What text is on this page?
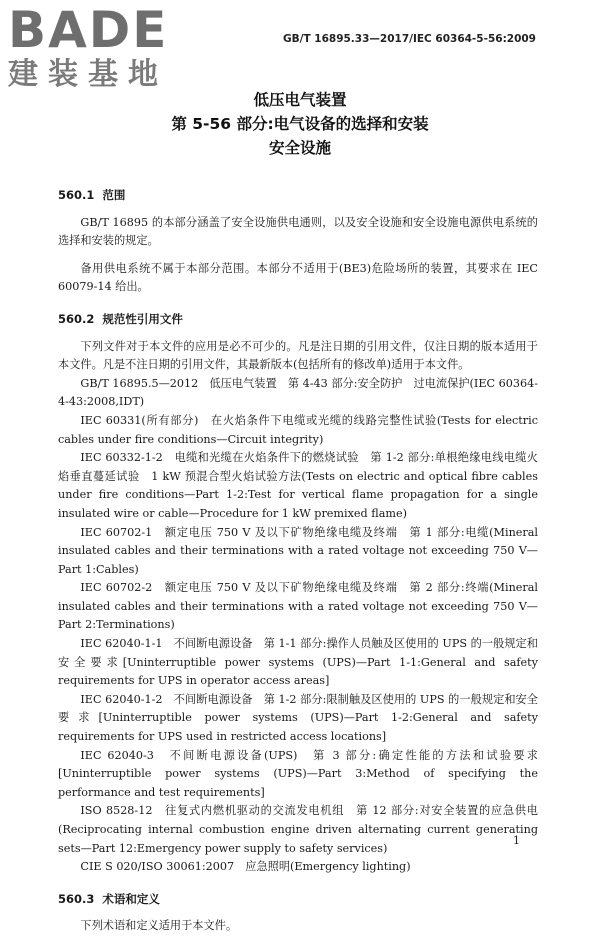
BADE
建装基地
GB/T 16895.33—2017/IEC 60364-5-56:2009
低压电气装置
第 5-56 部分:电气设备的选择和安装
安全设施
560.1 范围

GB/T 16895 的本部分涵盖了安全设施供电通则，以及安全设施和安全设施电源供电系统的选择和安装的规定。

备用供电系统不属于本部分范围。本部分不适用于(BE3)危险场所的装置，其要求在 IEC 60079-14 给出。

560.2 规范性引用文件

下列文件对于本文件的应用是必不可少的。凡是注日期的引用文件，仅注日期的版本适用于本文件。凡是不注日期的引用文件，其最新版本(包括所有的修改单)适用于本文件。

GB/T 16895.5—2012　低压电气装置　第 4-43 部分:安全防护　过电流保护(IEC 60364-4-43:2008,IDT)

IEC 60331(所有部分)　在火焰条件下电缆或光缆的线路完整性试验(Tests for electric cables under fire conditions—Circuit integrity)

IEC 60332-1-2　电缆和光缆在火焰条件下的燃烧试验　第 1-2 部分:单根绝缘电线电缆火焰垂直蔓延试验　1 kW 预混合型火焰试验方法(Tests on electric and optical fibre cables under fire conditions—Part 1-2:Test for vertical flame propagation for a single insulated wire or cable—Procedure for 1 kW premixed flame)

IEC 60702-1　额定电压 750 V 及以下矿物绝缘电缆及终端　第 1 部分:电缆(Mineral insulated cables and their terminations with a rated voltage not exceeding 750 V—Part 1:Cables)

IEC 60702-2　额定电压 750 V 及以下矿物绝缘电缆及终端　第 2 部分:终端(Mineral insulated cables and their terminations with a rated voltage not exceeding 750 V—Part 2:Terminations)

IEC 62040-1-1　不间断电源设备　第 1-1 部分:操作人员触及区使用的 UPS 的一般规定和安全要求[Uninterruptible power systems (UPS)—Part 1-1:General and safety requirements for UPS in operator access areas]

IEC 62040-1-2　不间断电源设备　第 1-2 部分:限制触及区使用的 UPS 的一般规定和安全要求[Uninterruptible power systems (UPS)—Part 1-2:General and safety requirements for UPS used in restricted access locations]

IEC 62040-3　不间断电源设备(UPS)　第 3 部分:确定性能的方法和试验要求[Uninterruptible power systems (UPS)—Part 3:Method of specifying the performance and test requirements]

ISO 8528-12　往复式内燃机驱动的交流发电机组　第 12 部分:对安全装置的应急供电(Reciprocating internal combustion engine driven alternating current generating sets—Part 12:Emergency power supply to safety services)

CIE S 020/ISO 30061:2007　应急照明(Emergency lighting)

560.3 术语和定义

下列术语和定义适用于本文件。

1
